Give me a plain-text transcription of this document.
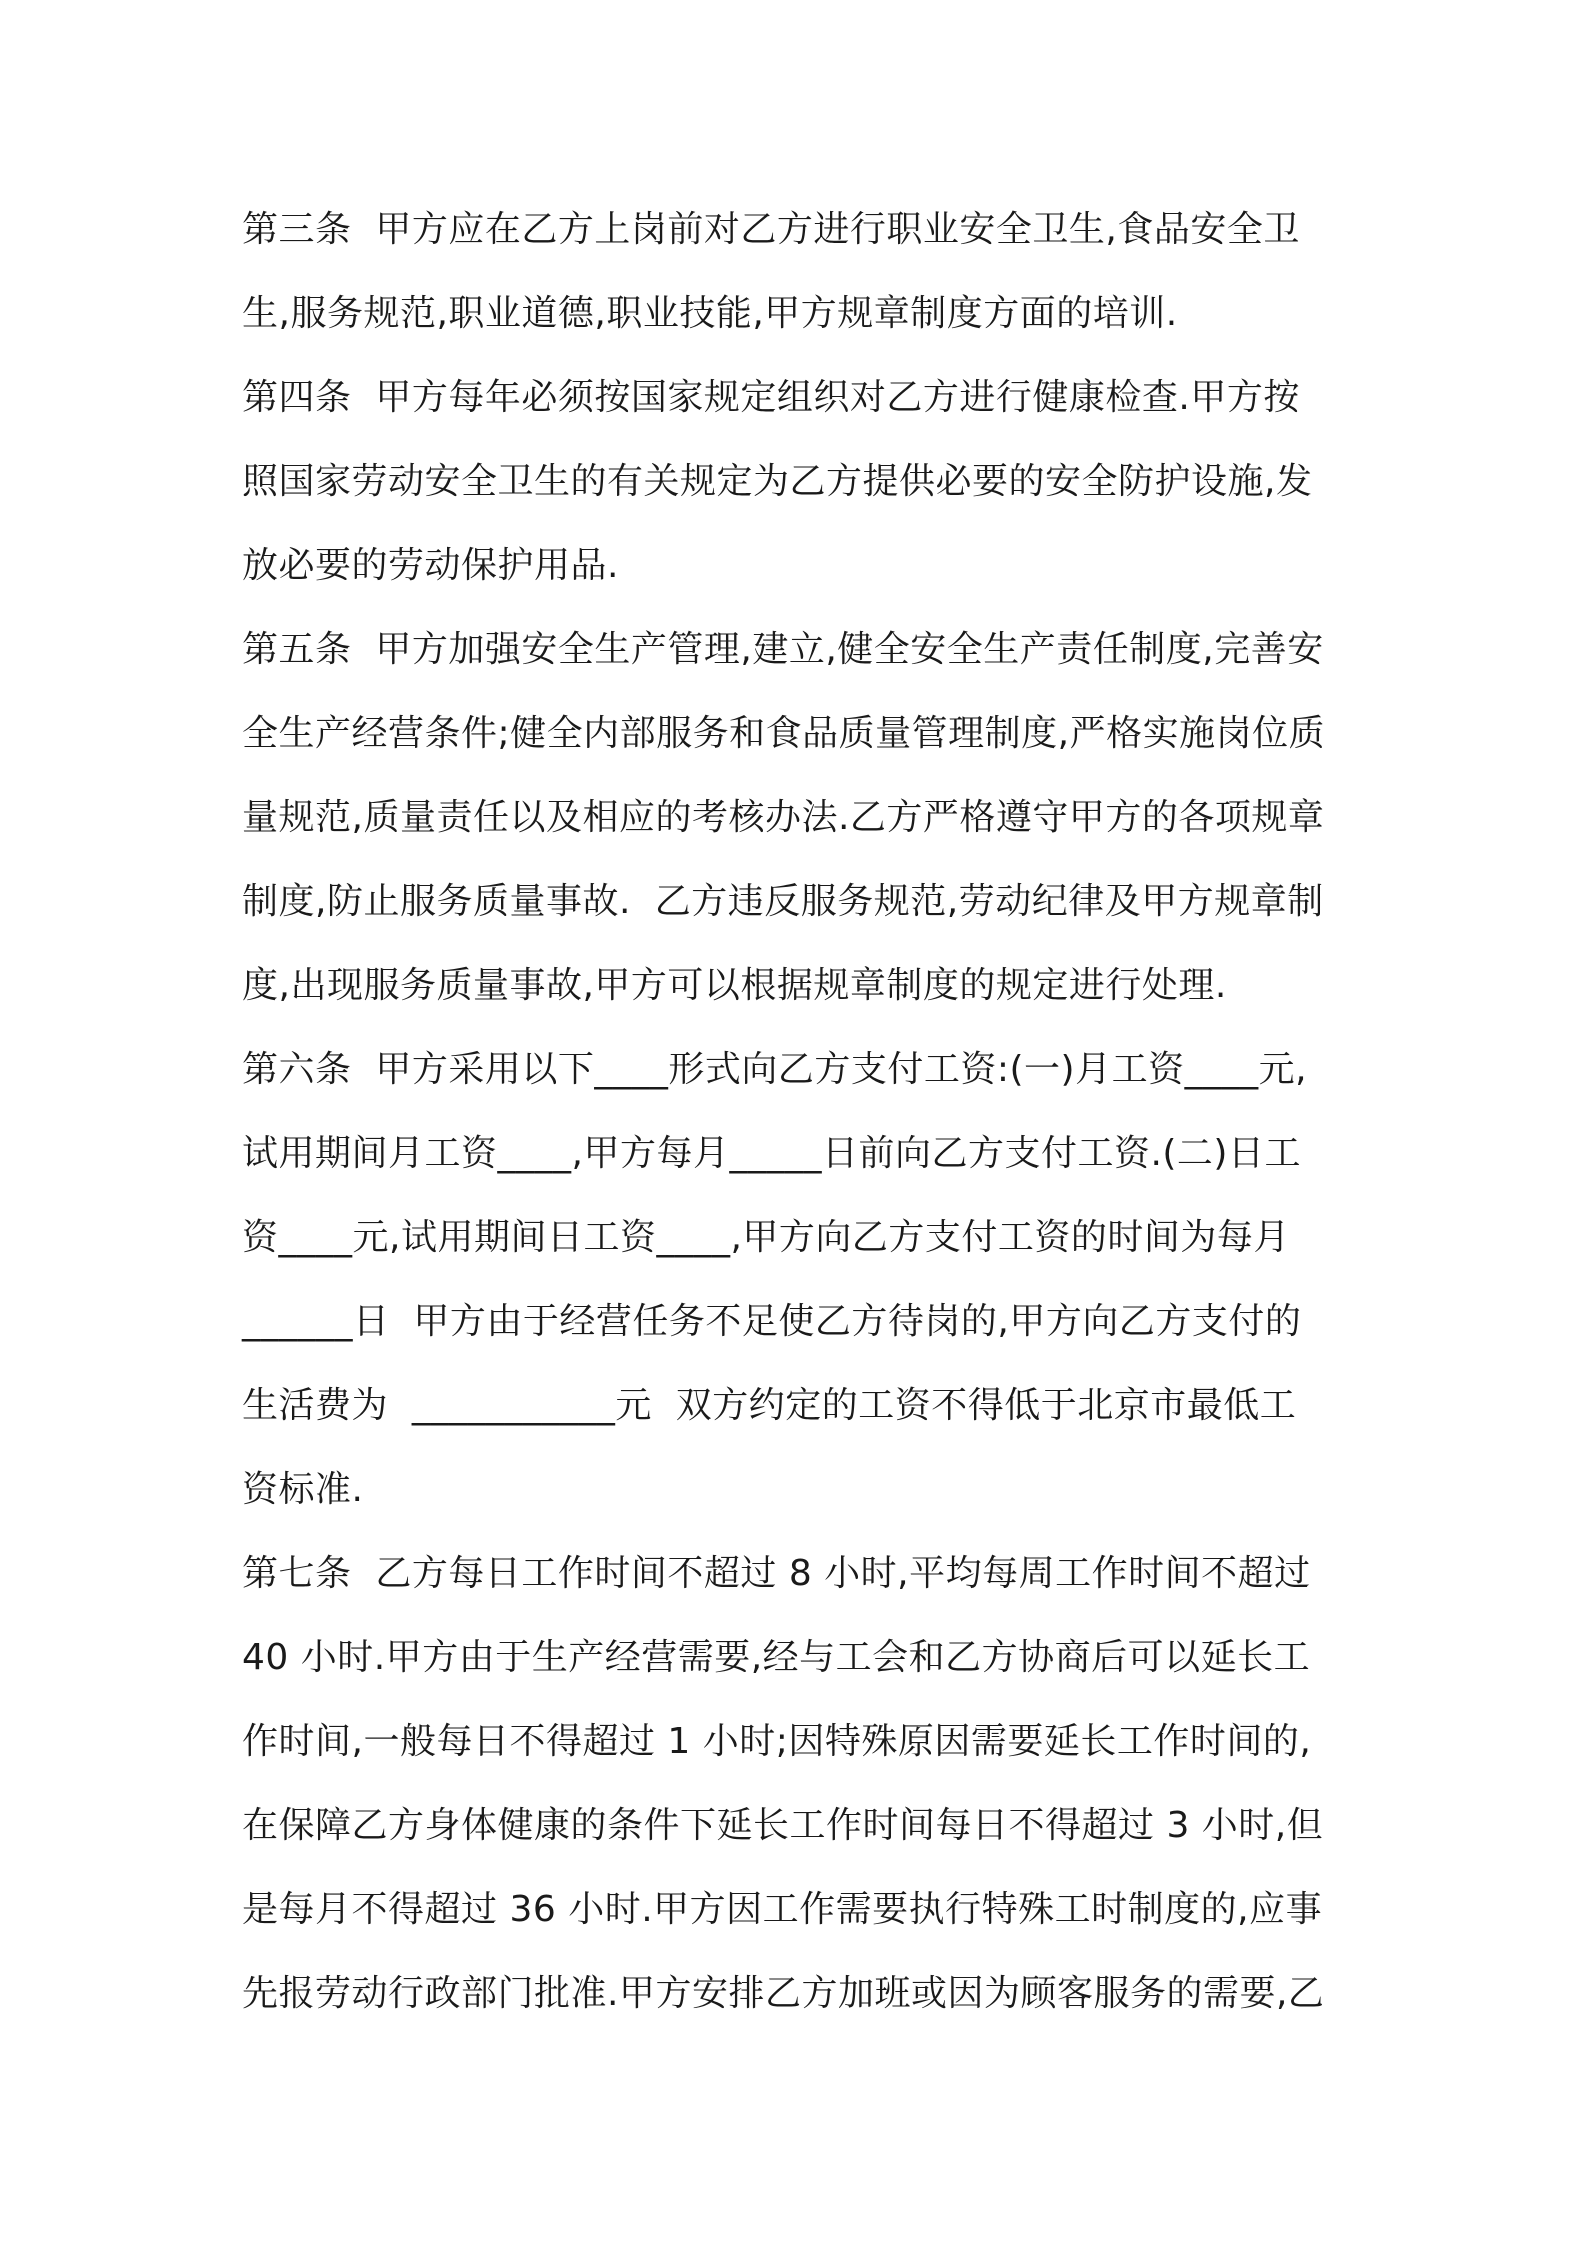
第三条  甲方应在乙方上岗前对乙方进行职业安全卫生,食品安全卫
生,服务规范,职业道德,职业技能,甲方规章制度方面的培训.
第四条  甲方每年必须按国家规定组织对乙方进行健康检查.甲方按
照国家劳动安全卫生的有关规定为乙方提供必要的安全防护设施,发
放必要的劳动保护用品.
第五条  甲方加强安全生产管理,建立,健全安全生产责任制度,完善安
全生产经营条件;健全内部服务和食品质量管理制度,严格实施岗位质
量规范,质量责任以及相应的考核办法.乙方严格遵守甲方的各项规章
制度,防止服务质量事故.  乙方违反服务规范,劳动纪律及甲方规章制
度,出现服务质量事故,甲方可以根据规章制度的规定进行处理.
第六条  甲方采用以下____形式向乙方支付工资:(一)月工资____元,
试用期间月工资____,甲方每月_____日前向乙方支付工资.(二)日工
资____元,试用期间日工资____,甲方向乙方支付工资的时间为每月
______日  甲方由于经营任务不足使乙方待岗的,甲方向乙方支付的
生活费为  ___________元  双方约定的工资不得低于北京市最低工
资标准.
第七条  乙方每日工作时间不超过 8 小时,平均每周工作时间不超过
40 小时.甲方由于生产经营需要,经与工会和乙方协商后可以延长工
作时间,一般每日不得超过 1 小时;因特殊原因需要延长工作时间的,
在保障乙方身体健康的条件下延长工作时间每日不得超过 3 小时,但
是每月不得超过 36 小时.甲方因工作需要执行特殊工时制度的,应事
先报劳动行政部门批准.甲方安排乙方加班或因为顾客服务的需要,乙
